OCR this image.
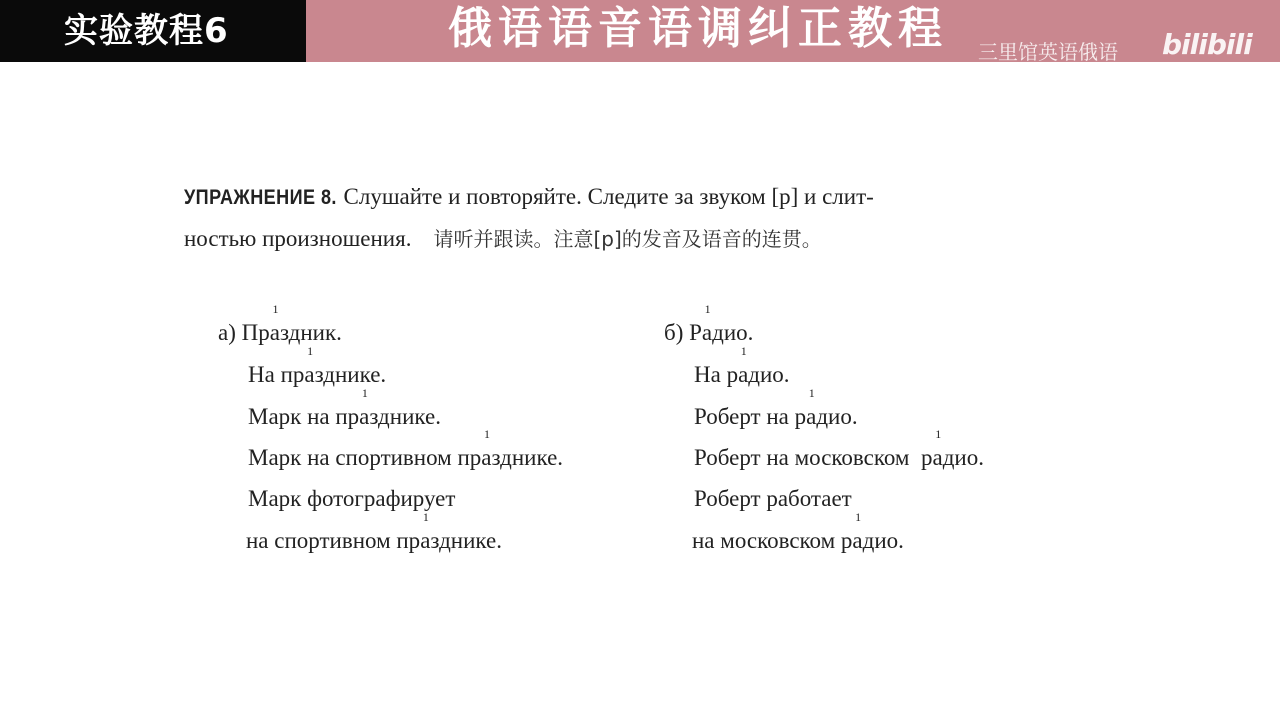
实验教程6	俄语语音语调纠正教程 三里馆英语俄语 bilibili
УПРАЖНЕНИЕ 8. Слушайте и повторяйте. Следите за звуком [р] и слит-
ностью произношения. 请听并跟读。注意[р]的发音及语音的连贯。
а) Пр1 аздник.
На пр1 азднике.
Марк на пр1 азднике.
Марк на спортивном пр1 азднике.
Марк фотографирует
на спортивном пр1 азднике.
б) Р1 адио.
На р1 адио.
Роберт на р1 адио.
Роберт на московском  р1 адио.
Роберт работает
на московском р1 адио.
